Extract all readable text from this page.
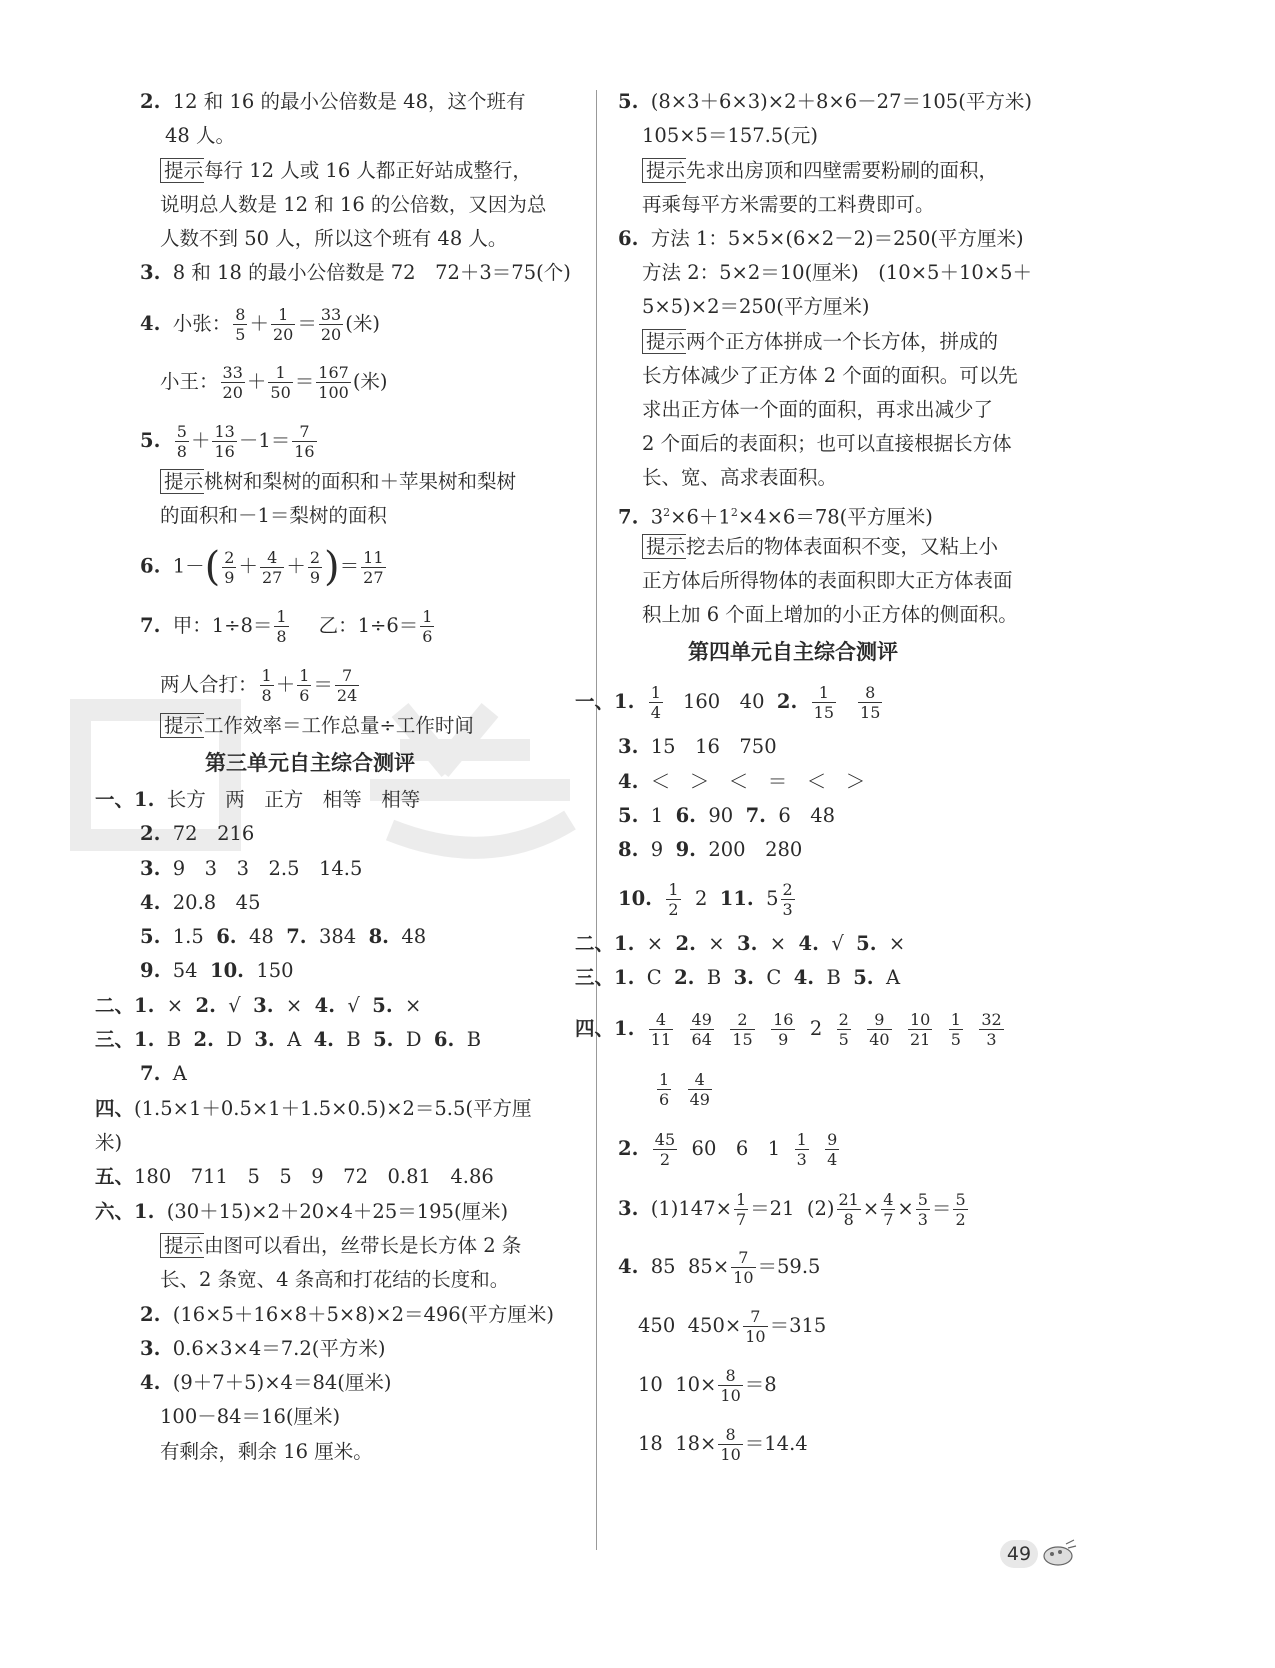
2. 12 和 16 的最小公倍数是 48，这个班有
48 人。
提示每行 12 人或 16 人都正好站成整行，
说明总人数是 12 和 16 的公倍数，又因为总
人数不到 50 人，所以这个班有 48 人。
3. 8 和 18 的最小公倍数是 72　72＋3＝75(个)
4. 小张： $\frac{8}{5} + \frac{1}{20} = \frac{33}{20}$ (米)
小王： $\frac{33}{20} + \frac{1}{50} = \frac{167}{100}$ (米)
5. $\frac{5}{8} + \frac{13}{16} -1= \frac{7}{16}$
提示桃树和梨树的面积和＋苹果树和梨树
的面积和－1＝梨树的面积
6.  $1-( \frac{2}{9} + \frac{4}{27} + \frac{2}{9}$ )＝ $\frac{11}{27}$
7. 甲：$1\div 8= \frac{1}{8}$ 乙：$1\div 6= \frac{1}{6}$
两人合打： $\frac{1}{8} + \frac{1}{6} = \frac{7}{24}$
提示工作效率＝工作总量÷工作时间
第三单元自主综合测评
一、1. 长方　两　正方　相等　相等
2. 72　216
3. 9　3　3　2.5　14.5
4. 20.8　45
5. 1.5 6. 48 7. 384 8. 48
9. 54 10. 150
二、1. × 2. √ 3. × 4. √ 5. ×
三、1. B 2. D 3. A 4. B 5. D 6. B
7. A
四、(1.5×1＋0.5×1＋1.5×0.5)×2＝5.5(平方厘
米)
五、180　711　5　5　9　72　0.81　4.86
六、1. (30＋15)×2＋20×4＋25＝195(厘米)
提示由图可以看出，丝带长是长方体 2 条
长、2 条宽、4 条高和打花结的长度和。
2. (16×5＋16×8＋5×8)×2＝496(平方厘米)
3. 0.6×3×4＝7.2(平方米)
4. (9＋7＋5)×4＝84(厘米)
100－84＝16(厘米)
有剩余，剩余 16 厘米。
5. (8×3＋6×3)×2＋8×6－27＝105(平方米)
105×5＝157.5(元)
提示先求出房顶和四壁需要粉刷的面积，
再乘每平方米需要的工料费即可。
6. 方法 1：5×5×(6×2－2)＝250(平方厘米)
方法 2：5×2＝10(厘米)　(10×5＋10×5＋
5×5)×2＝250(平方厘米)
提示两个正方体拼成一个长方体，拼成的
长方体减少了正方体 2 个面的面积。可以先
求出正方体一个面的面积，再求出减少了
2 个面后的表面积；也可以直接根据长方体
长、宽、高求表面积。
7.  $3^2\times 6+1^2\times 4\times 6=78$(平方厘米)
提示挖去后的物体表面积不变，又粘上小
正方体后所得物体的表面积即大正方体表面
积上加 6 个面上增加的小正方体的侧面积。
第四单元自主综合测评
一、1. $\frac{1}{4} 160$　40 2. $\frac{1}{15} \frac{8}{15}$
3. 15　16　750
4. ＜　＞　＜　＝　＜　＞
5. 1 6. 90 7. 6　48
8. 9 9. 200　280
10. $\frac{1}{2} 2$ 11. $5 \frac{2}{3}$
二、1. × 2. × 3. × 4. √ 5. ×
三、1. C 2. B 3. C 4. B 5. A
四、1. $\frac{4}{11}$
$\frac{49}{64}$
$\frac{2}{15}$
$\frac{16}{9} 2 \frac{2}{5}$
$\frac{9}{40}$
$\frac{10}{21}$
$\frac{1}{5}$
$\frac{32}{3}$
$\frac{1}{6}$
$\frac{4}{49}$
2. $\frac{45}{2} 60$　6　$1 \frac{1}{3}$
$\frac{9}{4}$
3. $(1)147\times \frac{1}{7} =21$ $(2) \frac{21}{8} \times \frac{4}{7} \times \frac{5}{3} = \frac{5}{2}$
4. 85 $85\times \frac{7}{10} =59.5$
450 $450\times \frac{7}{10} =315$
10 $10\times \frac{8}{10} =8$
18 $18\times \frac{8}{10} =14.4$
49
